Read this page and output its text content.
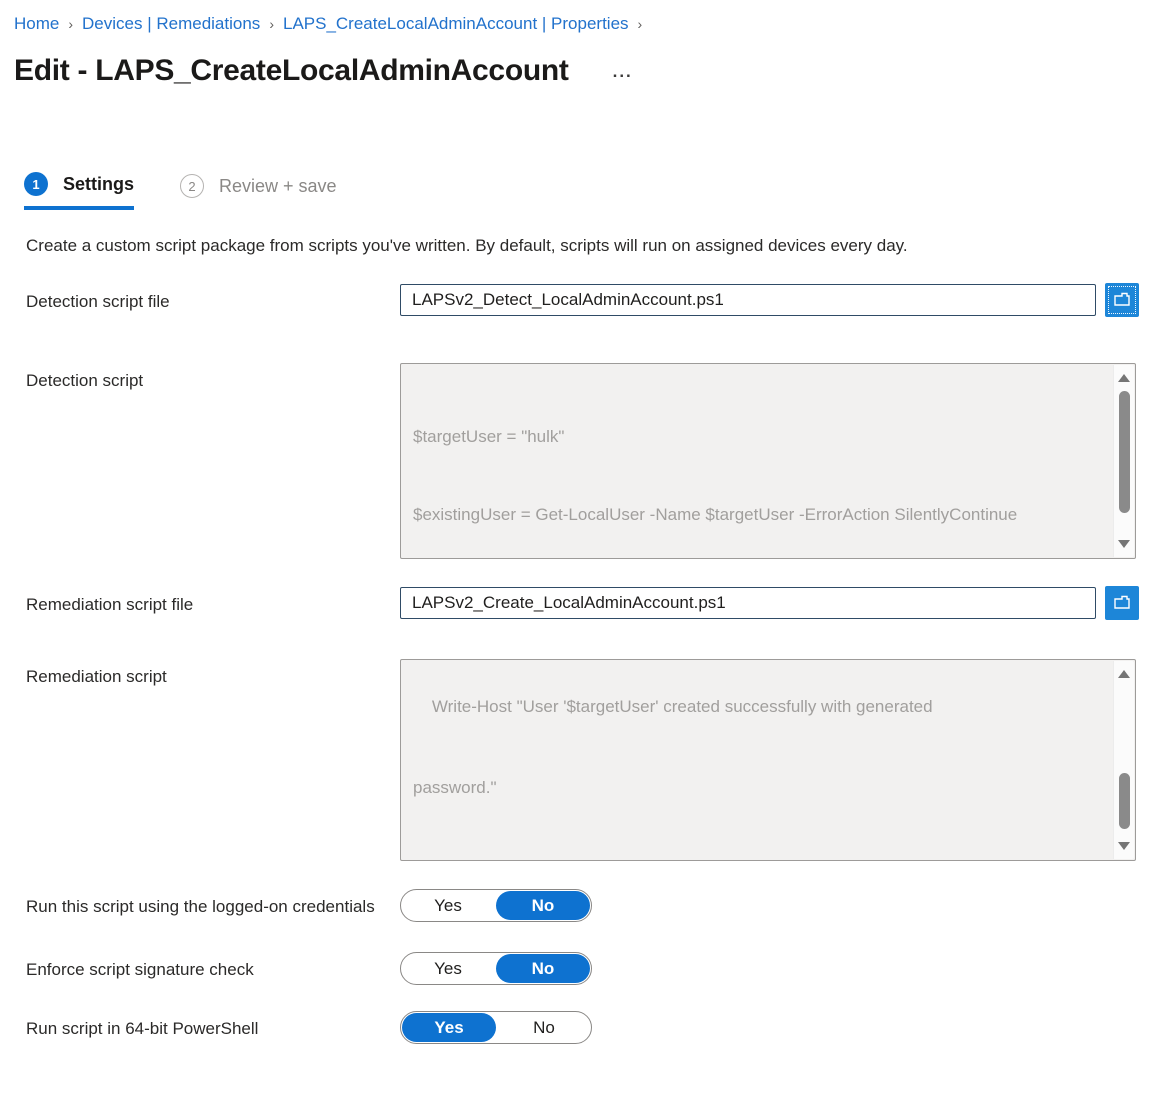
Home › Devices | Remediations › LAPS_CreateLocalAdminAccount | Properties ›
Edit - LAPS_CreateLocalAdminAccount	...
1	Settings	2	Review + save

Create a custom script package from scripts you've written. By default, scripts will run on assigned devices every day.

Detection script file
LAPSv2_Detect_LocalAdminAccount.ps1
Detection script

$targetUser = "hulk"

$existingUser = Get-LocalUser -Name $targetUser -ErrorAction SilentlyContinue

Remediation script file
LAPSv2_Create_LocalAdminAccount.ps1
Remediation script

Write-Host "User '$targetUser' created successfully with generated

password."

Run this script using the logged-on credentials	Yes	No
Enforce script signature check	Yes	No
Run script in 64-bit PowerShell	Yes	No
